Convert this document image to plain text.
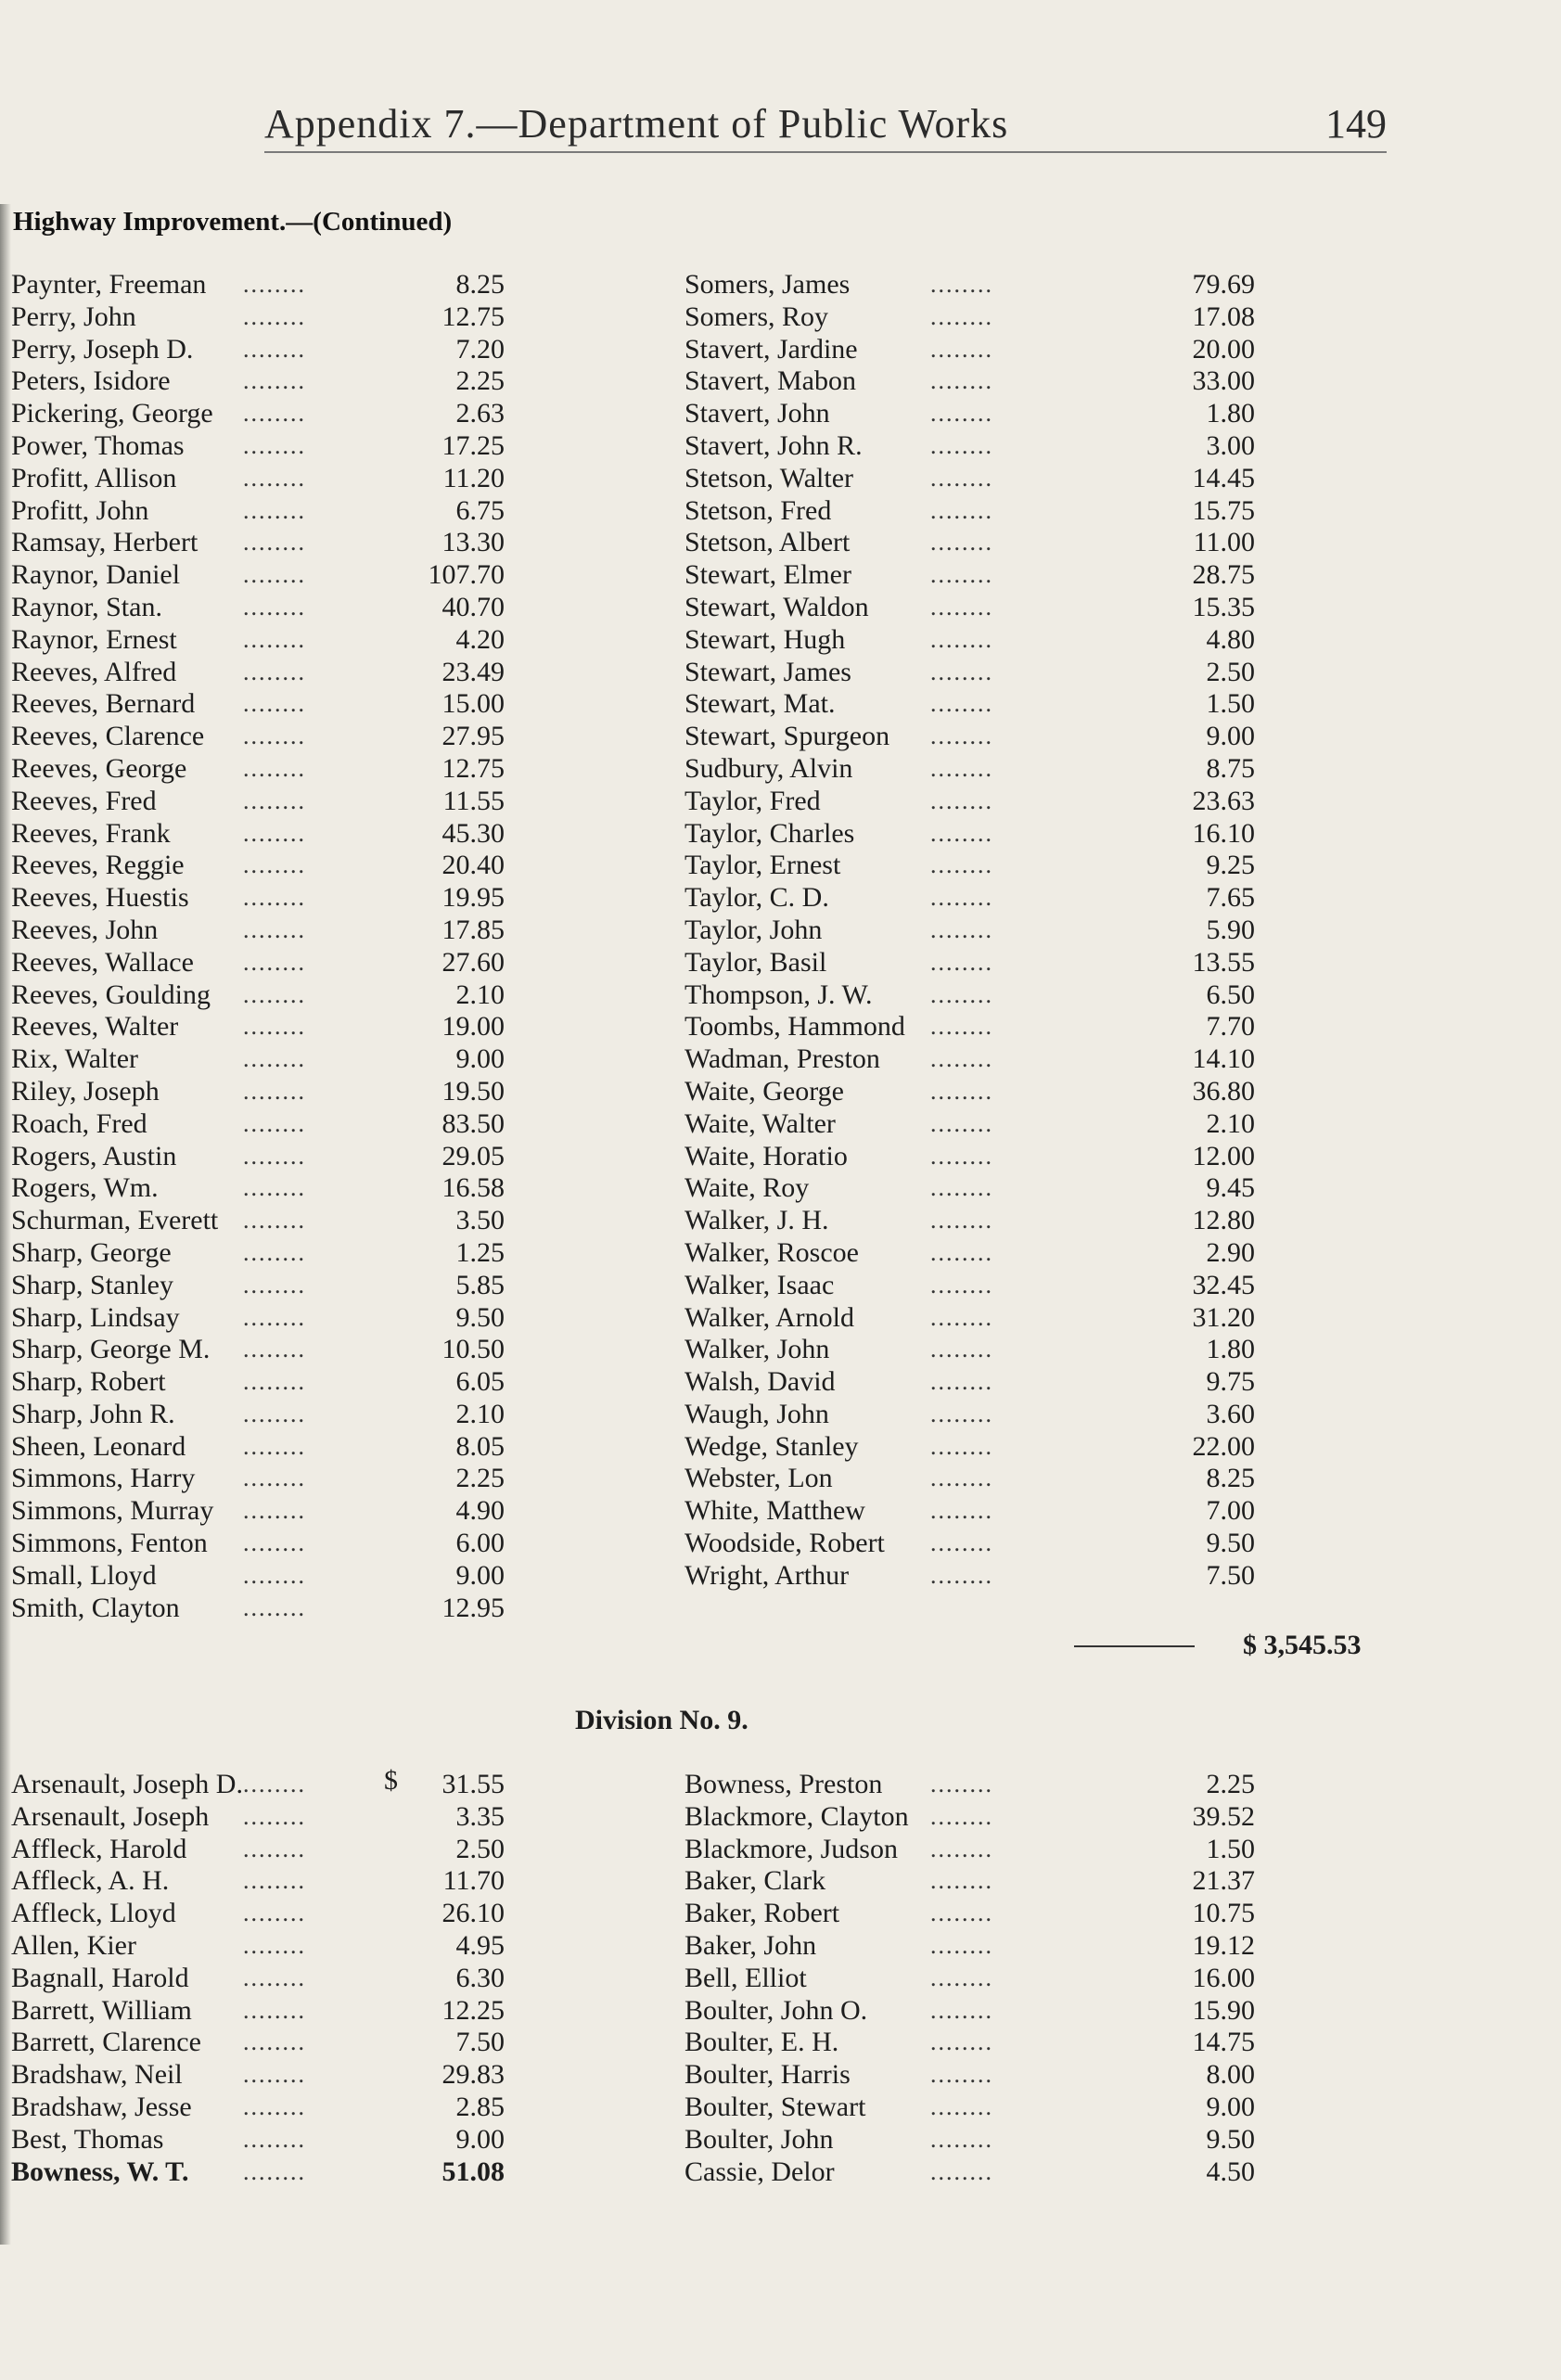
Appendix 7.—Department of Public Works	149
Highway Improvement.—(Continued)
Paynter, Freeman ........	8.25
Perry, John	........	12.75
Perry, Joseph D. ........	7.20
Peters, Isidore	........	2.25
Pickering, George ........	2.63
Power, Thomas ........	17.25
Profitt, Allison	........	11.20
Profitt, John	........	6.75
Ramsay, Herbert ........	13.30
Raynor, Daniel	........	107.70
Raynor, Stan.	........	40.70
Raynor, Ernest	........	4.20
Reeves, Alfred	........	23.49
Reeves, Bernard ........	15.00
Reeves, Clarence ........	27.95
Reeves, George ........	12.75
Reeves, Fred	........	11.55
Reeves, Frank	........	45.30
Reeves, Reggie ........	20.40
Reeves, Huestis ........	19.95
Reeves, John	........	17.85
Reeves, Wallace ........	27.60
Reeves, Goulding ........	2.10
Reeves, Walter	........	19.00
Rix, Walter	........	9.00
Riley, Joseph	........	19.50
Roach, Fred	........	83.50
Rogers, Austin	........	29.05
Rogers, Wm.	........	16.58
Schurman, Everett ........	3.50
Sharp, George	........	1.25
Sharp, Stanley	........	5.85
Sharp, Lindsay	........	9.50
Sharp, George M. ........	10.50
Sharp, Robert	........	6.05
Sharp, John R.	........	2.10
Sheen, Leonard ........	8.05
Simmons, Harry ........	2.25
Simmons, Murray ........	4.90
Simmons, Fenton ........	6.00
Small, Lloyd	........	9.00
Smith, Clayton	........	12.95
Somers, James	........	79.69
Somers, Roy	........	17.08
Stavert, Jardine	........	20.00
Stavert, Mabon	........	33.00
Stavert, John	........	1.80
Stavert, John R.	........	3.00
Stetson, Walter	........	14.45
Stetson, Fred	........	15.75
Stetson, Albert	........	11.00
Stewart, Elmer	........	28.75
Stewart, Waldon	........	15.35
Stewart, Hugh	........	4.80
Stewart, James	........	2.50
Stewart, Mat.	........	1.50
Stewart, Spurgeon ........	9.00
Sudbury, Alvin	........	8.75
Taylor, Fred	........	23.63
Taylor, Charles	........	16.10
Taylor, Ernest	........	9.25
Taylor, C. D.	........	7.65
Taylor, John	........	5.90
Taylor, Basil	........	13.55
Thompson, J. W. ........	6.50
Toombs, Hammond ........	7.70
Wadman, Preston ........	14.10
Waite, George	........	36.80
Waite, Walter	........	2.10
Waite, Horatio	........	12.00
Waite, Roy	........	9.45
Walker, J. H.	........	12.80
Walker, Roscoe	........	2.90
Walker, Isaac	........	32.45
Walker, Arnold	........	31.20
Walker, John	........	1.80
Walsh, David	........	9.75
Waugh, John	........	3.60
Wedge, Stanley	........	22.00
Webster, Lon	........	8.25
White, Matthew	........	7.00
Woodside, Robert ........	9.50
Wright, Arthur	........	7.50
$ 3,545.53
Division No. 9.
$
Arsenault, Joseph D. ........	31.55
Arsenault, Joseph ........	3.35
Affleck, Harold ........	2.50
Affleck, A. H.	........	11.70
Affleck, Lloyd	........	26.10
Allen, Kier	........	4.95
Bagnall, Harold ........	6.30
Barrett, William ........	12.25
Barrett, Clarence ........	7.50
Bradshaw, Neil	........	29.83
Bradshaw, Jesse ........	2.85
Best, Thomas	........	9.00
Bowness, W. T. ........	51.08
Bowness, Preston ........	2.25
Blackmore, Clayton ........	39.52
Blackmore, Judson ........	1.50
Baker, Clark	........	21.37
Baker, Robert	........	10.75
Baker, John	........	19.12
Bell, Elliot	........	16.00
Boulter, John O.	........	15.90
Boulter, E. H.	........	14.75
Boulter, Harris	........	8.00
Boulter, Stewart	........	9.00
Boulter, John	........	9.50
Cassie, Delor	........	4.50
